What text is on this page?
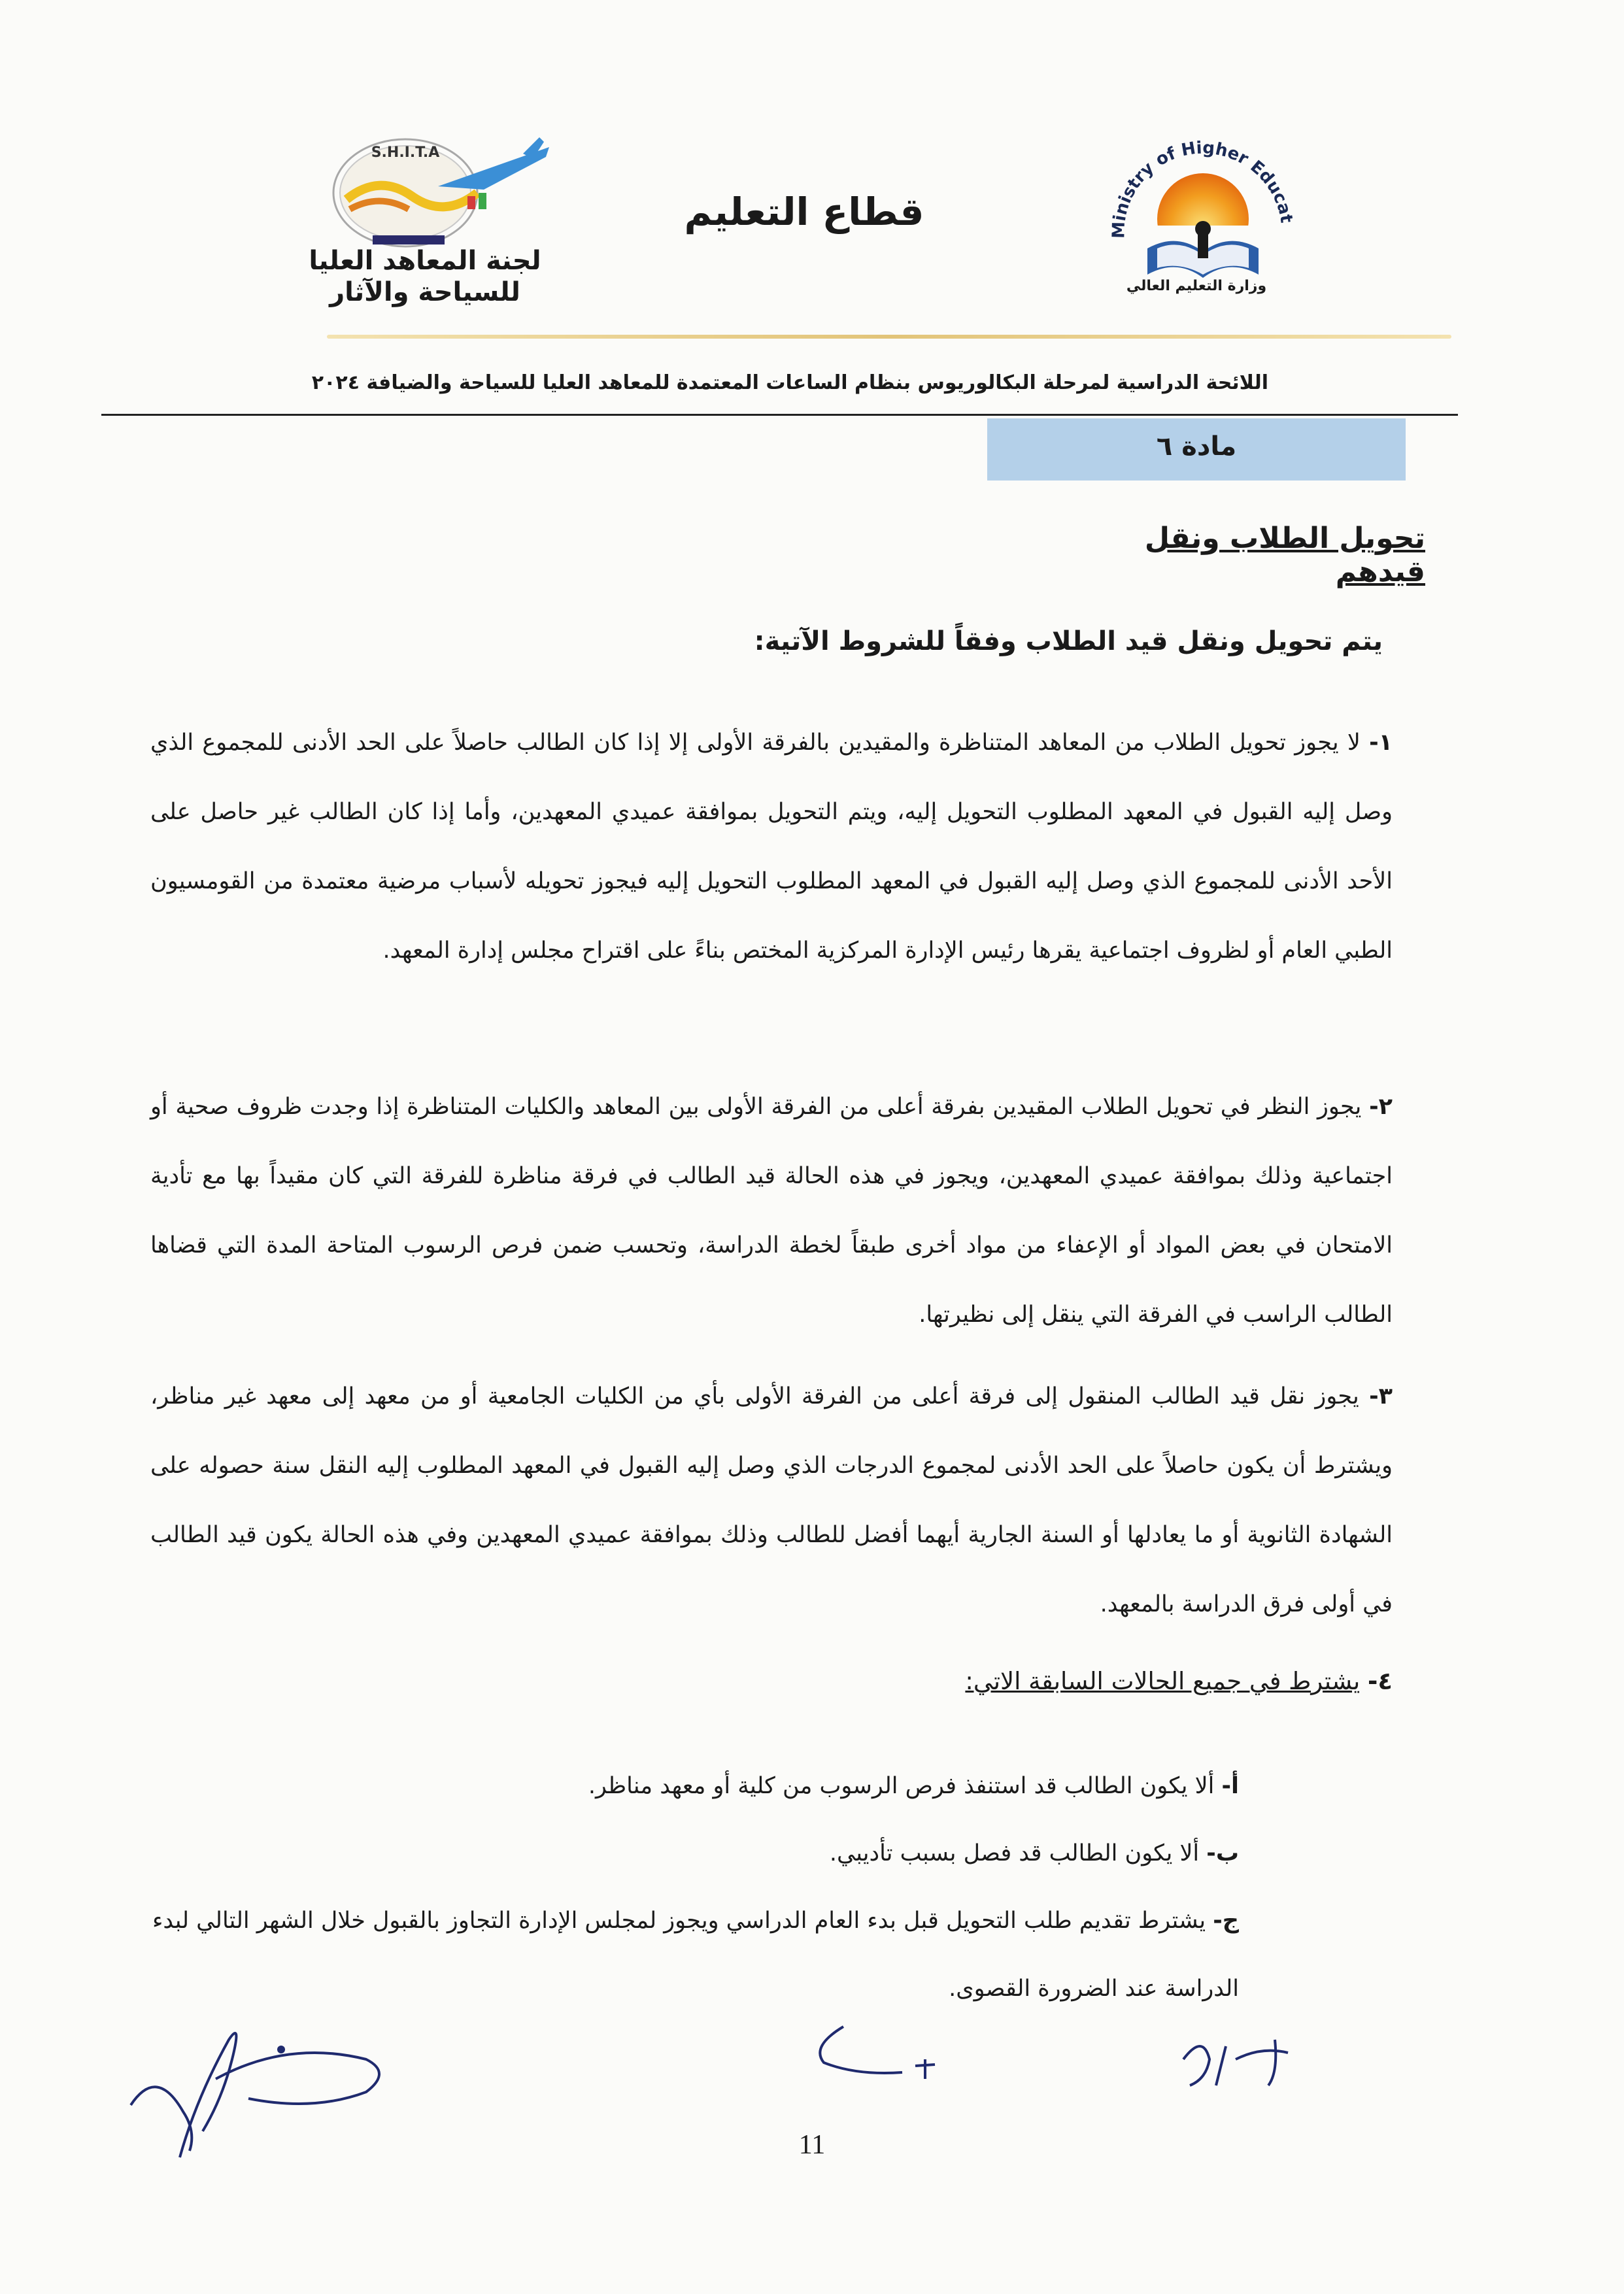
Ministry of Higher Educat
وزارة التعليم العالي
قطاع التعليم
S.H.I.T.A
لجنة المعاهد العليا
للسياحة والآثار
اللائحة الدراسية لمرحلة البكالوريوس بنظام الساعات المعتمدة للمعاهد العليا للسياحة والضيافة ٢٠٢٤
مادة ٦
تحويل الطلاب ونقل قيدهم
يتم تحويل ونقل قيد الطلاب وفقاً للشروط الآتية:
١- لا يجوز تحويل الطلاب من المعاهد المتناظرة والمقيدين بالفرقة الأولى إلا إذا كان الطالب حاصلاً على الحد الأدنى للمجموع الذي وصل إليه القبول في المعهد المطلوب التحويل إليه، ويتم التحويل بموافقة عميدي المعهدين، وأما إذا كان الطالب غير حاصل على الأحد الأدنى للمجموع الذي وصل إليه القبول في المعهد المطلوب التحويل إليه فيجوز تحويله لأسباب مرضية معتمدة من القومسيون الطبي العام أو لظروف اجتماعية يقرها رئيس الإدارة المركزية المختص بناءً على اقتراح مجلس إدارة المعهد.
٢- يجوز النظر في تحويل الطلاب المقيدين بفرقة أعلى من الفرقة الأولى بين المعاهد والكليات المتناظرة إذا وجدت ظروف صحية أو اجتماعية وذلك بموافقة عميدي المعهدين، ويجوز في هذه الحالة قيد الطالب في فرقة مناظرة للفرقة التي كان مقيداً بها مع تأدية الامتحان في بعض المواد أو الإعفاء من مواد أخرى طبقاً لخطة الدراسة، وتحسب ضمن فرص الرسوب المتاحة المدة التي قضاها الطالب الراسب في الفرقة التي ينقل إلى نظيرتها.
٣- يجوز نقل قيد الطالب المنقول إلى فرقة أعلى من الفرقة الأولى بأي من الكليات الجامعية أو من معهد إلى معهد غير مناظر، ويشترط أن يكون حاصلاً على الحد الأدنى لمجموع الدرجات الذي وصل إليه القبول في المعهد المطلوب إليه النقل سنة حصوله على الشهادة الثانوية أو ما يعادلها أو السنة الجارية أيهما أفضل للطالب وذلك بموافقة عميدي المعهدين وفي هذه الحالة يكون قيد الطالب في أولى فرق الدراسة بالمعهد.
٤- يشترط في جميع الحالات السابقة الاتي:
أ- ألا يكون الطالب قد استنفذ فرص الرسوب من كلية أو معهد مناظر.
ب- ألا يكون الطالب قد فصل بسبب تأديبي.
ج- يشترط تقديم طلب التحويل قبل بدء العام الدراسي ويجوز لمجلس الإدارة التجاوز بالقبول خلال الشهر التالي لبدء الدراسة عند الضرورة القصوى.
11
